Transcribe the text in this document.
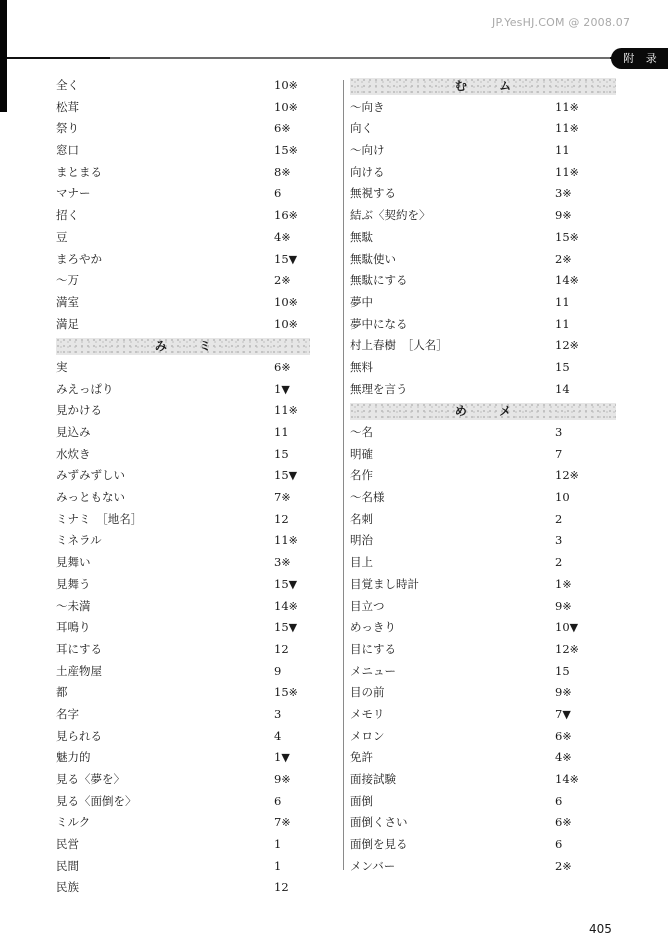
JP.YesHJ.COM @ 2008.07
附 录
全く	10※
松茸	10※
祭り	6※
窓口	15※
まとまる	8※
マナー	6
招く	16※
豆	4※
まろやか	15▼
～万	2※
満室	10※
満足	10※
み ミ
実	6※
みえっぱり	1▼
見かける	11※
見込み	11
水炊き	15
みずみずしい	15▼
みっともない	7※
ミナミ　［地名］	12
ミネラル	11※
見舞い	3※
見舞う	15▼
～未満	14※
耳鳴り	15▼
耳にする	12
土産物屋	9
都	15※
名字	3
見られる	4
魅力的	1▼
見る〈夢を〉	9※
見る〈面倒を〉	6
ミルク	7※
民営	1
民間	1
民族	12
む ム
～向き	11※
向く	11※
～向け	11
向ける	11※
無視する	3※
結ぶ〈契約を〉	9※
無駄	15※
無駄使い	2※
無駄にする	14※
夢中	11
夢中になる	11
村上春樹　［人名］	12※
無料	15
無理を言う	14
め メ
～名	3
明確	7
名作	12※
～名様	10
名刺	2
明治	3
目上	2
目覚まし時計	1※
目立つ	9※
めっきり	10▼
目にする	12※
メニュー	15
目の前	9※
メモリ	7▼
メロン	6※
免許	4※
面接試験	14※
面倒	6
面倒くさい	6※
面倒を見る	6
メンバー	2※
405
